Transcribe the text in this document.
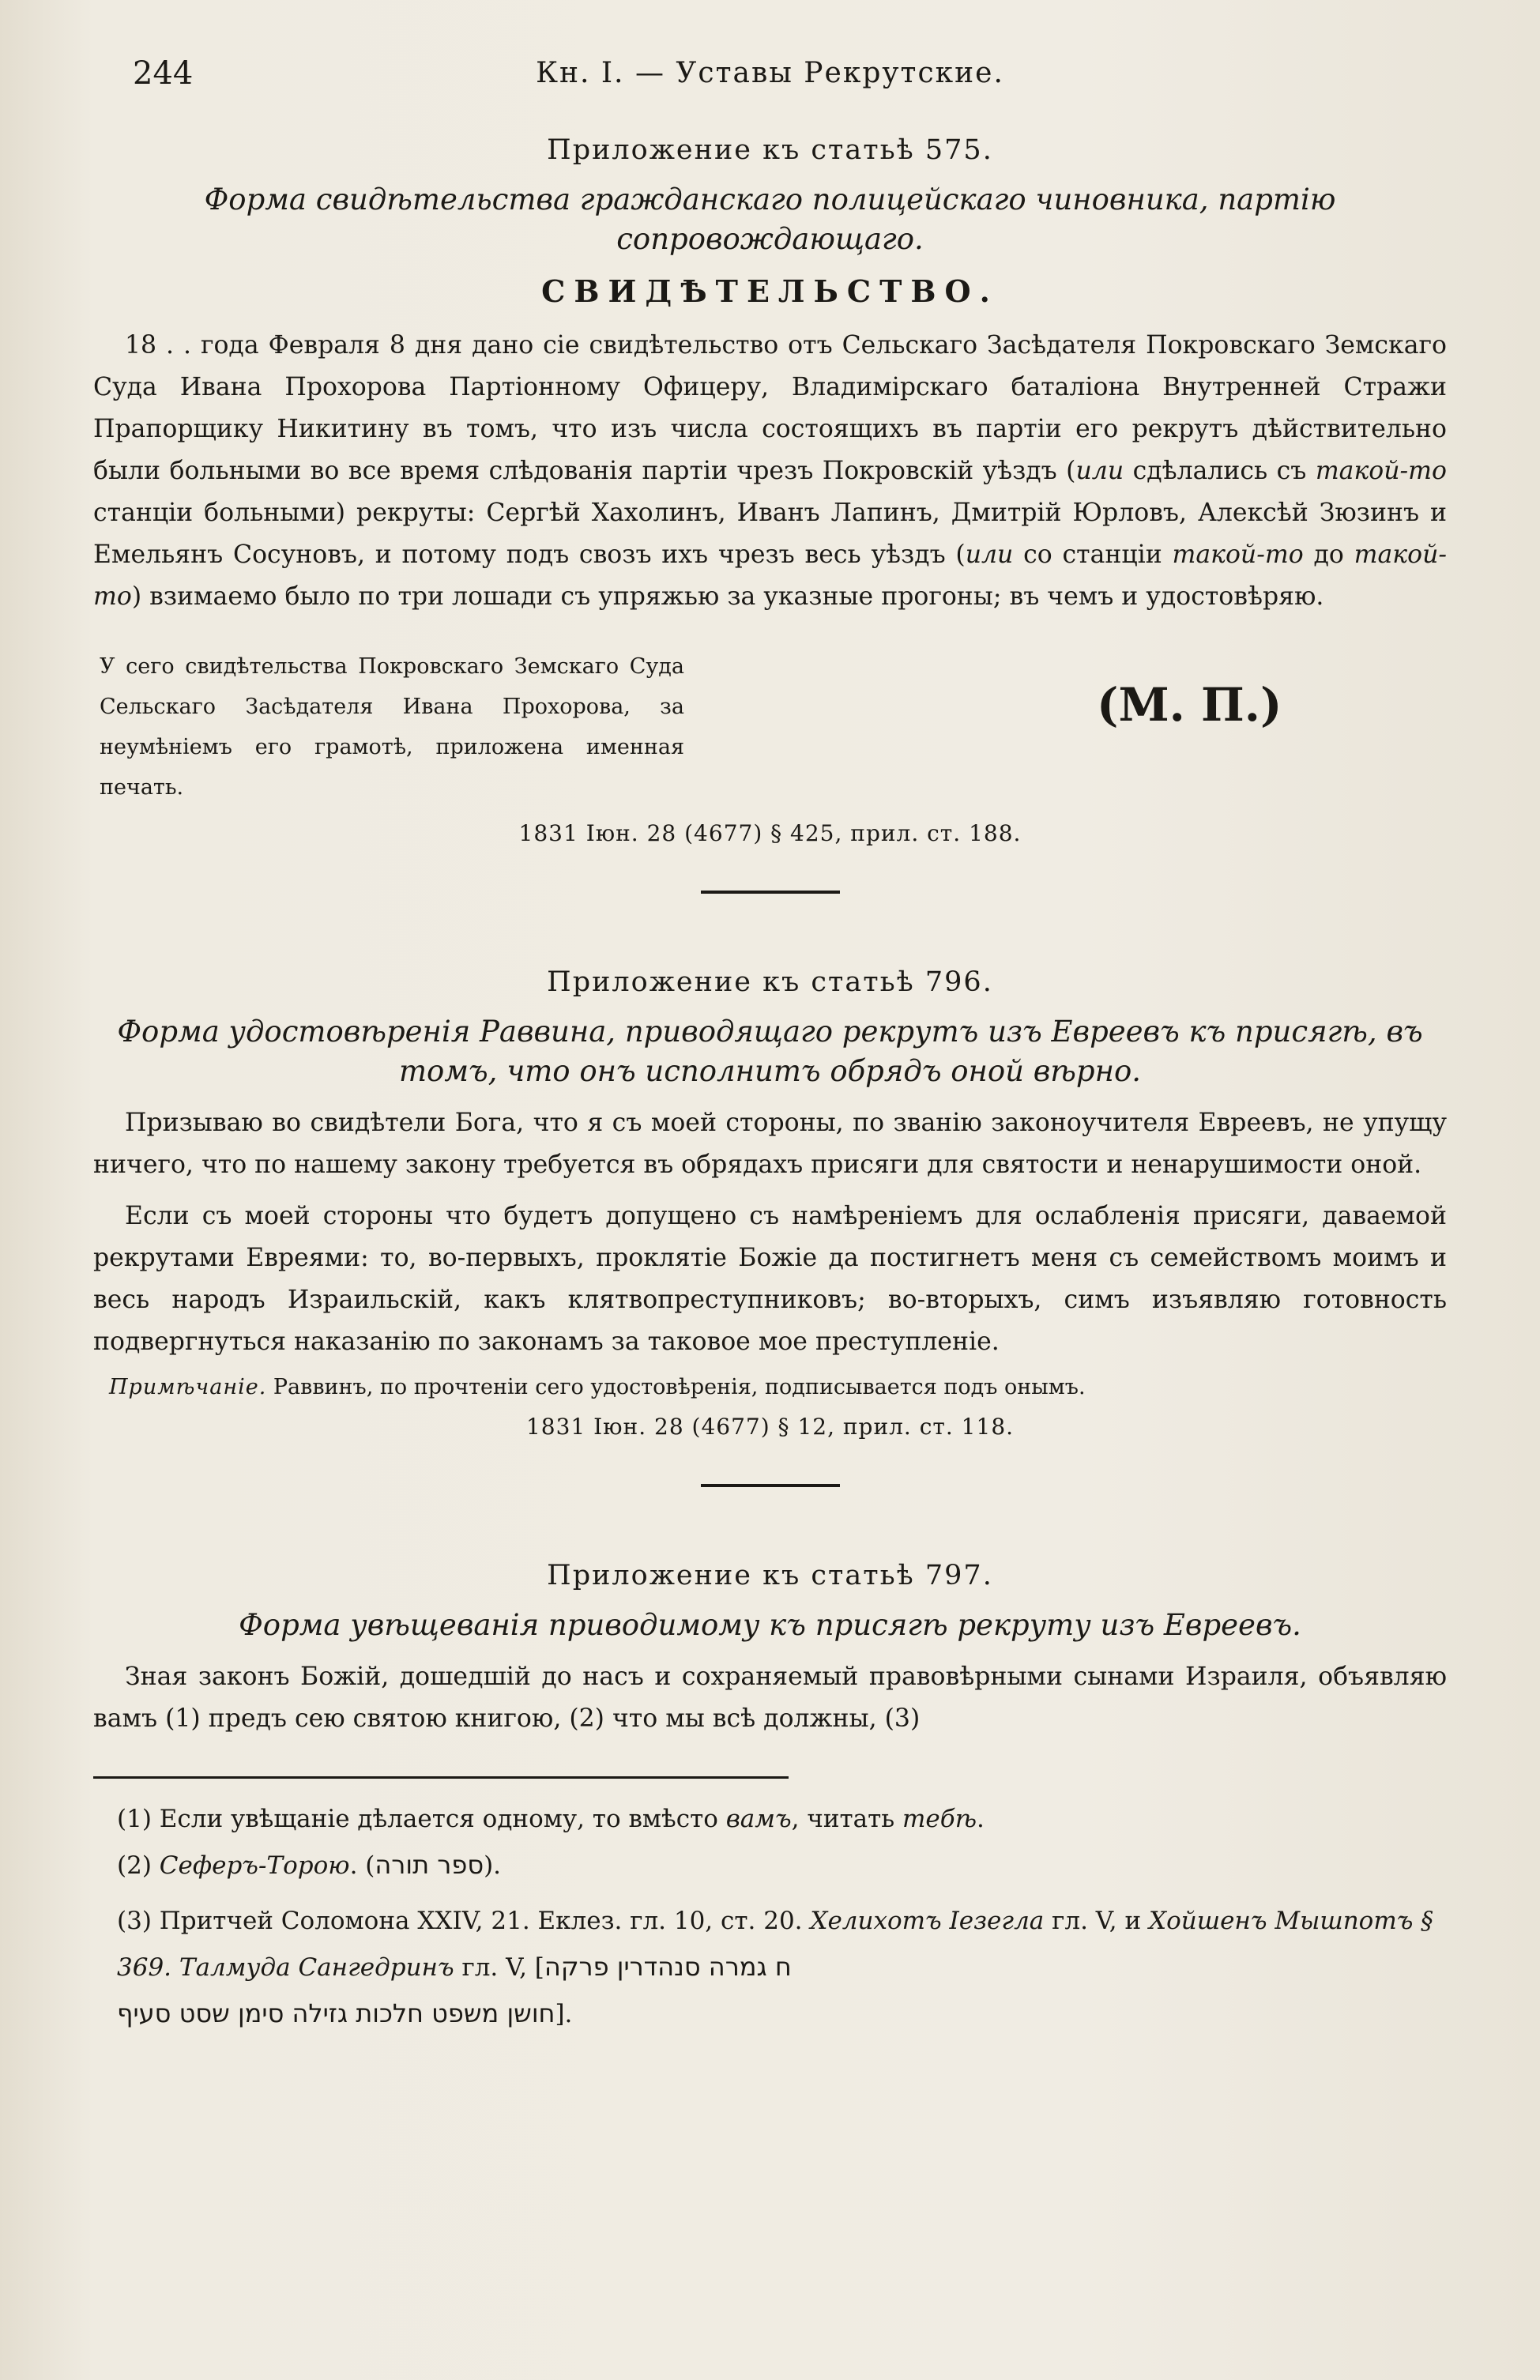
244	Кн. I. — Уставы Рекрутские.
Приложение къ статьѣ 575.
Форма свидѣтельства гражданскаго полицейскаго чиновника, партію сопровождающаго.
СВИДѢТЕЛЬСТВО.

18 . . года Февраля 8 дня дано сіе свидѣтельство отъ Сельскаго Засѣдателя Покровскаго Земскаго Суда Ивана Прохорова Партіонному Офицеру, Владимірскаго баталіона Внутренней Стражи Прапорщику Никитину въ томъ, что изъ числа состоящихъ въ партіи его рекрутъ дѣйствительно были больными во все время слѣдованія партіи чрезъ Покровскій уѣздъ (или сдѣлались съ такой-то станціи больными) рекруты: Сергѣй Хахолинъ, Иванъ Лапинъ, Дмитрій Юрловъ, Алексѣй Зюзинъ и Емельянъ Сосуновъ, и потому подъ свозъ ихъ чрезъ весь уѣздъ (или со станціи такой-то до такой-то) взимаемо было по три лошади съ упряжью за указные прогоны; въ чемъ и удостовѣряю.

У сего свидѣтельства Покровскаго Земскаго Суда Сельскаго Засѣдателя Ивана Прохорова, за неумѣніемъ его грамотѣ, приложена именная печать.
(М. П.)
1831 Іюн. 28 (4677) § 425, прил. ст. 188.
Приложение къ статьѣ 796.
Форма удостовѣренія Раввина, приводящаго рекрутъ изъ Евреевъ къ присягѣ, въ томъ, что онъ исполнитъ обрядъ оной вѣрно.

Призываю во свидѣтели Бога, что я съ моей стороны, по званію законоучителя Евреевъ, не упущу ничего, что по нашему закону требуется въ обрядахъ присяги для святости и ненарушимости оной.

Если съ моей стороны что будетъ допущено съ намѣреніемъ для ослабленія присяги, даваемой рекрутами Евреями: то, во-первыхъ, проклятіе Божіе да постигнетъ меня съ семействомъ моимъ и весь народъ Израильскій, какъ клятвопреступниковъ; во-вторыхъ, симъ изъявляю готовность подвергнуться наказанію по законамъ за таковое мое преступленіе.

Примѣчаніе. Раввинъ, по прочтеніи сего удостовѣренія, подписывается подъ онымъ.
1831 Іюн. 28 (4677) § 12, прил. ст. 118.
Приложение къ статьѣ 797.
Форма увѣщеванія приводимому къ присягѣ рекруту изъ Евреевъ.

Зная законъ Божій, дошедшій до насъ и сохраняемый правовѣрными сынами Израиля, объявляю вамъ (1) предъ сею святою книгою, (2) что мы всѣ должны, (3)

(1) Если увѣщаніе дѣлается одному, то вмѣсто вамъ, читать тебѣ.
(2) Сеферъ-Торою. (ספר תורה).
(3) Притчей Соломона XXIV, 21. Еклез. гл. 10, ст. 20. Хелихотъ Іезегла гл. V, и Хойшенъ Мышпотъ § 369. Талмуда Сангедринъ гл. V, [ח גמרה סנהדרין פרקה
חושן משפט חלכות גזילה סימן שסט סעיף].
